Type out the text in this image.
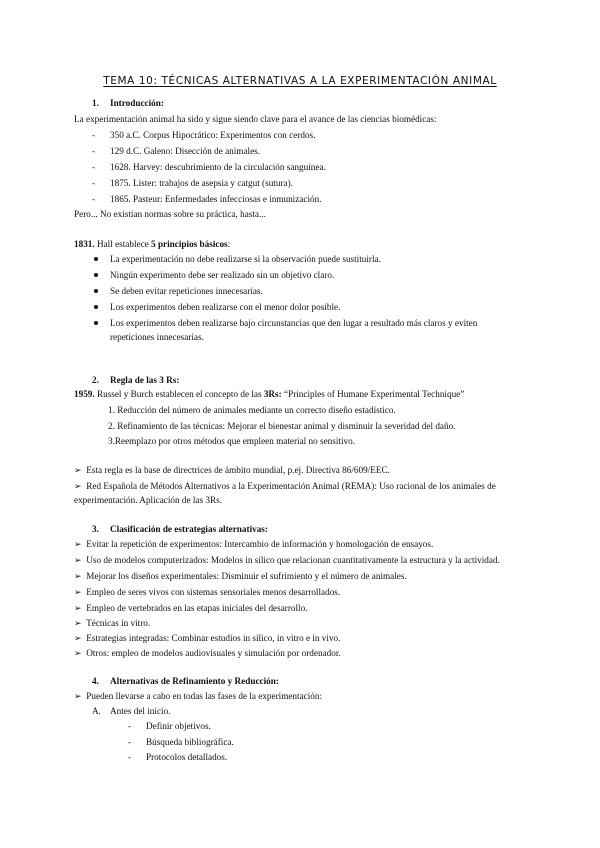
TEMA 10: TÉCNICAS ALTERNATIVAS A LA EXPERIMENTACIÓN ANIMAL
1. Introducción:
La experimentación animal ha sido y sigue siendo clave para el avance de las ciencias biomédicas:
- 350 a.C. Corpus Hipocrático: Experimentos con cerdos.
- 129 d.C. Galeno: Disección de animales.
- 1628. Harvey: descubrimiento de la circulación sanguínea.
- 1875. Lister: trabajos de asepsia y catgut (sutura).
- 1865. Pasteur: Enfermedades infecciosas e inmunización.
Pero... No existían normas sobre su práctica, hasta...
1831. Hall establece 5 principios básicos:
La experimentación no debe realizarse si la observación puede sustituirla.
Ningún experimento debe ser realizado sin un objetivo claro.
Se deben evitar repeticiones innecesarias.
Los experimentos deben realizarse con el menor dolor posible.
Los experimentos deben realizarse bajo circunstancias que den lugar a resultado más claros y eviten
repeticiones innecesarias.
2. Regla de las 3 Rs:
1959. Russel y Burch establecen el concepto de las 3Rs: “Principles of Humane Experimental Technique”
1. Reducción del número de animales mediante un correcto diseño estadístico.
2. Refinamiento de las técnicas: Mejorar el bienestar animal y disminuir la severidad del daño.
3.Reemplazo por otros métodos que empleen material no sensitivo.
➢ Esta regla es la base de directrices de ámbito mundial, p.ej. Directiva 86/609/EEC.
➢ Red Española de Métodos Alternativos a la Experimentación Animal (REMA): Uso racional de los animales de
experimentación. Aplicación de las 3Rs.
3. Clasificación de estrategias alternativas:
➢ Evitar la repetición de experimentos: Intercambio de información y homologación de ensayos.
➢ Uso de modelos computerizados: Modelos in sílico que relacionan cuantitativamente la estructura y la actividad.
➢ Mejorar los diseños experimentales: Disminuir el sufrimiento y el número de animales.
➢ Empleo de seres vivos con sistemas sensoriales menos desarrollados.
➢ Empleo de vertebrados en las etapas iniciales del desarrollo.
➢ Técnicas in vitro.
➢ Estrategias integradas: Combinar estudios in silico, in vitro e in vivo.
➢ Otros: empleo de modelos audiovisuales y simulación por ordenador.
4. Alternativas de Refinamiento y Reducción:
➢ Pueden llevarse a cabo en todas las fases de la experimentación:
A. Antes del inicio.
- Definir objetivos.
- Búsqueda bibliográfica.
- Protocolos detallados.
